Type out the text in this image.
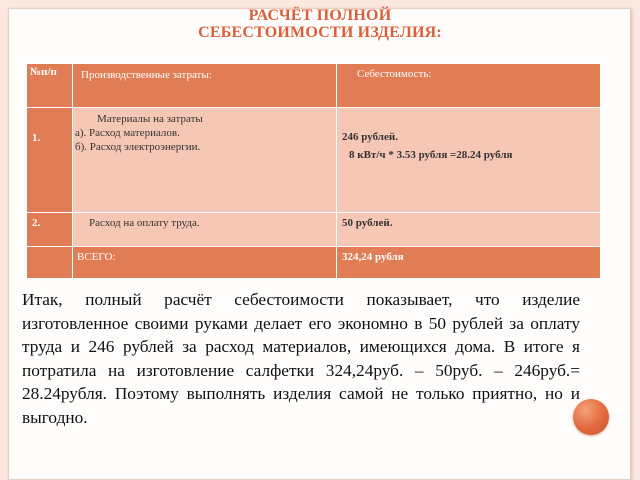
РАСЧЁТ ПОЛНОЙ
СЕБЕСТОИМОСТИ ИЗДЕЛИЯ:
№п/п	Производственные затраты:	Себестоимость:

1.	Материалы на затраты
а). Расход материалов.
б). Расход электроэнергии.	246 рублей.
8 кВт/ч * 3.53 рубля =28.24 рубля

2.	Расход на оплату труда.	50 рублей.

	ВСЕГО:	324,24 рубля
Итак, полный расчёт себестоимости показывает, что изделие изготовленное своими руками делает его экономно в 50 рублей за оплату труда и 246 рублей за расход материалов, имеющихся дома. В итоге я потратила на изготовление салфетки 324,24руб. – 50руб. – 246руб.= 28.24рубля. Поэтому выполнять изделия самой не только приятно, но и выгодно.
